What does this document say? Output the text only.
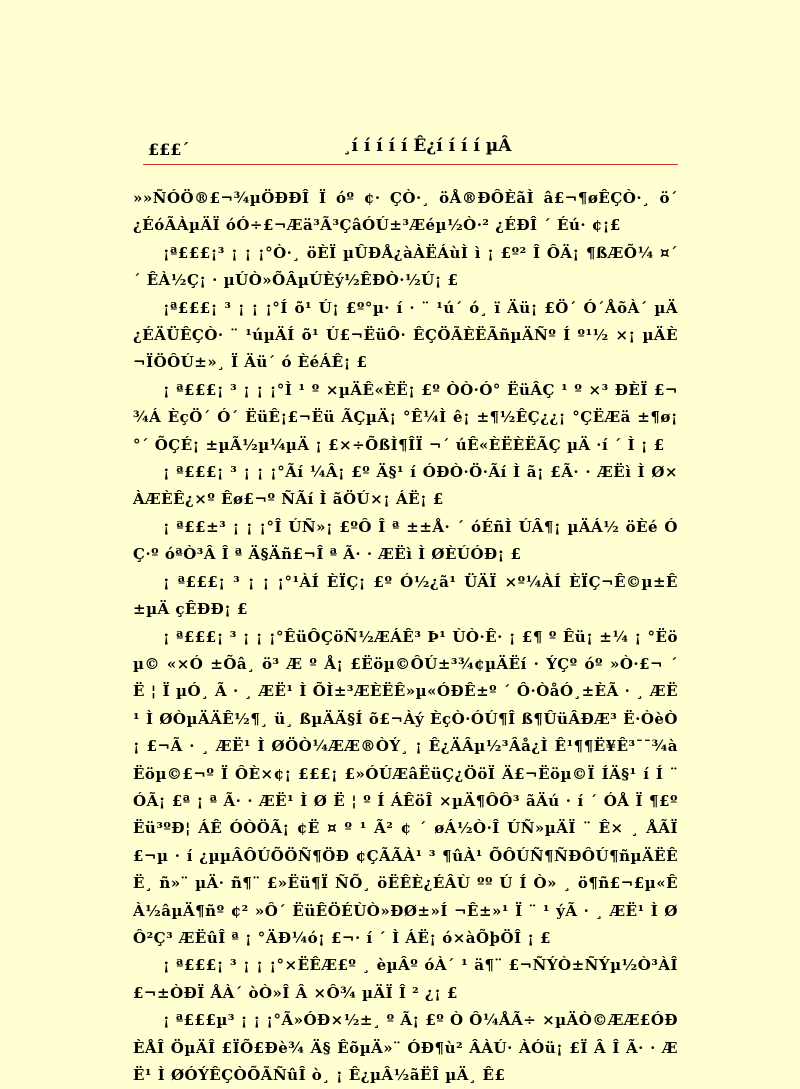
£££´	¸í í í í í Ê¿í í í í µÂ

»»ÑÓÖ®£¬¾µÖÐÐÎ Ï óº ¢· ÇÒ·¸ öÅ®ÐÔÈãÌ â£¬¶øÊÇÒ·¸ ö´ ¿ÉóÃÀµÄÏ óÓ÷£¬Æä³Ã³ÇâÓÚ±³Æéµ½Ò·² ¿ÉÐÎ ´ Éú· ¢¡£

¡ª£££¡³ ¡ ¡ ¡°Ò·¸ öÈÏ µÛÐÅ¿àÀËÁùÌ ì ¡ £º² Î ÔÄ¡ ¶ßÆÕ¼ ¤´ ´ ÊÀ½Ç¡ · µÚÒ»ÕÂµÚÈý½ÊÐÒ·½Ú¡ £

¡ª£££¡ ³ ¡ ¡ ¡°Í õ¹ Ú¡ £º°µ· í · ¨ ¹ú´ ó¸ ï Äü¡ £Ö´ Ó´ÅõÀ´ µÄ¿ÉÄÜÊÇÒ· ¨ ¹úµÄÍ õ¹ Ú£¬ËüÔ· ÊÇÖÃÈËÃñµÄÑº Í º¹½ ×¡ µÄÈ¬ÏÖÔÚ±»¸ Ï Äü´ ó ÈéÁÊ¡ £

¡ ª£££¡ ³ ¡ ¡ ¡°Ì ¹ º ×µÄÊ«ÈË¡ £º ÒÒ·Ó° ËüÂÇ ¹ º ×³ ÐÈÏ £¬¾Á ÈçÖ´ Ó´ ËüÊ¡£¬Ëü ÃÇµÄ¡ °Ê¼Ì ê¡ ±¶½ÊÇ¿¿¡ °ÇËÆä ±¶ø¡ °´ ÕÇÉ¡ ±µÃ½µ¼µÄ ¡ £×÷ÕßÌ¶ÎÏ ¬´ úÊ«ÈËÈËÃÇ µÄ ·í ´ Ì ¡ £

¡ ª£££¡ ³ ¡ ¡ ¡°Ãí ¼Â¡ £º Ä§¹ í ÓÐÒ·Ö·Ãí Ì ã¡ £Ã· · ÆËì Ì Ø×ÀÆÈÊ¿×º Êø£¬º ÑÃí Ì ãÖÚ×¡ ÁË¡ £

¡ ª££±³ ¡ ¡ ¡°Î ÚÑ»¡ £ºÔ Î ª ±±Å· ´ óÉñÌ ÚÂ¶¡ µÄÁ½ öÈé ÓÇ·º óªÒ³Â Î ª Ä§Äñ£¬Î ª Ã· · ÆËì Ì ØÈÚÓÐ¡ £

¡ ª£££¡ ³ ¡ ¡ ¡°¹ÀÍ ÈÏÇ¡ £º Ó½¿ã¹ ÜÄÏ ×º¼ÀÍ ÈÏÇ¬Ê©µ±Ê±µÄ çÊÐÐ¡ £

¡ ª£££¡ ³ ¡ ¡ ¡°ÊüÔÇöÑ½ÆÁÊ³ Þ¹ ÙÒ·Ê· ¡ £¶ º Êü¡ ±¼ ¡ °Ëöµ© «×Ó ±Õâ¸ ö³ Æ º Å¡ £Ëöµ©ÔÚ±³¾¢µÄËí · ÝÇº óº »Ò·£¬ ´ Ë ¦ Ï µÓ¸ Ã · ¸ ÆË¹ Ì ÕÌ±³ÆÈËÊ»µ«ÓÐÊ±º ´ Ô·ÒåÓ¸±ÈÃ · ¸ ÆË¹ Ì ØÒµÄÄÊ½¶¸ ü¸ ßµÄÄ§Í õ£¬Àý ÈçÒ·ÓÚ¶Î ß¶ÛüÂÐÆ³ Ë·ÒèÒ ¡ £¬Ã · ¸ ÆË¹ Ì ØÖÒ¼ÆÆ®ÒÝ¸ ¡ Ê¿ÄÂµ½³Âå¿Ì Ê¹¶¶Ë¥Ê³¯¯¾àËöµ©£¬º Ï ÔÈ×¢¡ £££¡ £»ÓÚÆâËüÇ¿ÖöÏ Ä£¬Ëöµ©Ï ÍÄ§¹ í Í ¨ ÓÃ¡ £ª ¡ ª Ã· · ÆË¹ Ì Ø Ë ¦ º Í ÁÊöÎ ×µÄ¶ÔÔ³ ãÄú · í ´ ÓÅ Ï ¶£ºËü³ºÐ¦ ÁÊ ÓÒÖÃ¡ ¢Ë ¤ º ¹ Ã² ¢ ´ øÁ½Ò·Î ÚÑ»µÄÏ ¨ Ê× ¸ ÅÃÏ £¬µ · í ¿µµÂÔÚÕÖÑ¶ÖÐ ¢ÇÃÃÀ¹ ³ ¶ûÀ¹ ÕÔÚÑ¶ÑÐÔÚ¶ñµÄËÊË¸ ñ»¨ µÄ· ñ¶¨ £»Ëü¶Ï ÑÕ¸ öËÊÈ¿ÉÂÙ ºº Ú Í Ò» ¸ ö¶ñ£¬£µ«ÊÀ½âµÄ¶ñº ¢² »Ô´ ËüÊÖÉÙÒ»ÐØ±»Í ¬Ê±»¹ Ï ¨ ¹ ýÃ · ¸ ÆË¹ Ì ØÔ²Ç³ ÆËûÎ ª ¡ °ÄÐ¼ó¡ £¬· í ´ Ì ÁË¡ ó×àÕþÖÎ ¡ £

¡ ª£££¡ ³ ¡ ¡ ¡°×ËÊÆ£º ¸ èµÂº óÀ´ ¹ ä¶¨ £¬ÑÝÒ±ÑÝµ½Ò³ÀÎ £¬±ÒÐÏ ÅÀ´ òÒ»Î Â ×Ô¾ µÄÏ Î ² ¿¡ £

¡ ª£££µ³ ¡ ¡ ¡°Ã»ÓÐ×½±¸ º Ã¡ £º Ò Ô¼ÅÃ÷ ×µÄÒ©ÆÆ£ÓÐÈÅÎ ÖµÄÎ £ÏÕ£Ðè¾ Ä§ ÊõµÄ»¨ ÓÐ¶ù² ÂÀÚ· ÀÓü¡ £Ï Â Î Ã· · ÆË¹ Ì ØÓÝÊÇÒÕÃÑûÎ ò¸ ¡ Ê¿µÂ½ãËÎ µÄ¸ Ê£
